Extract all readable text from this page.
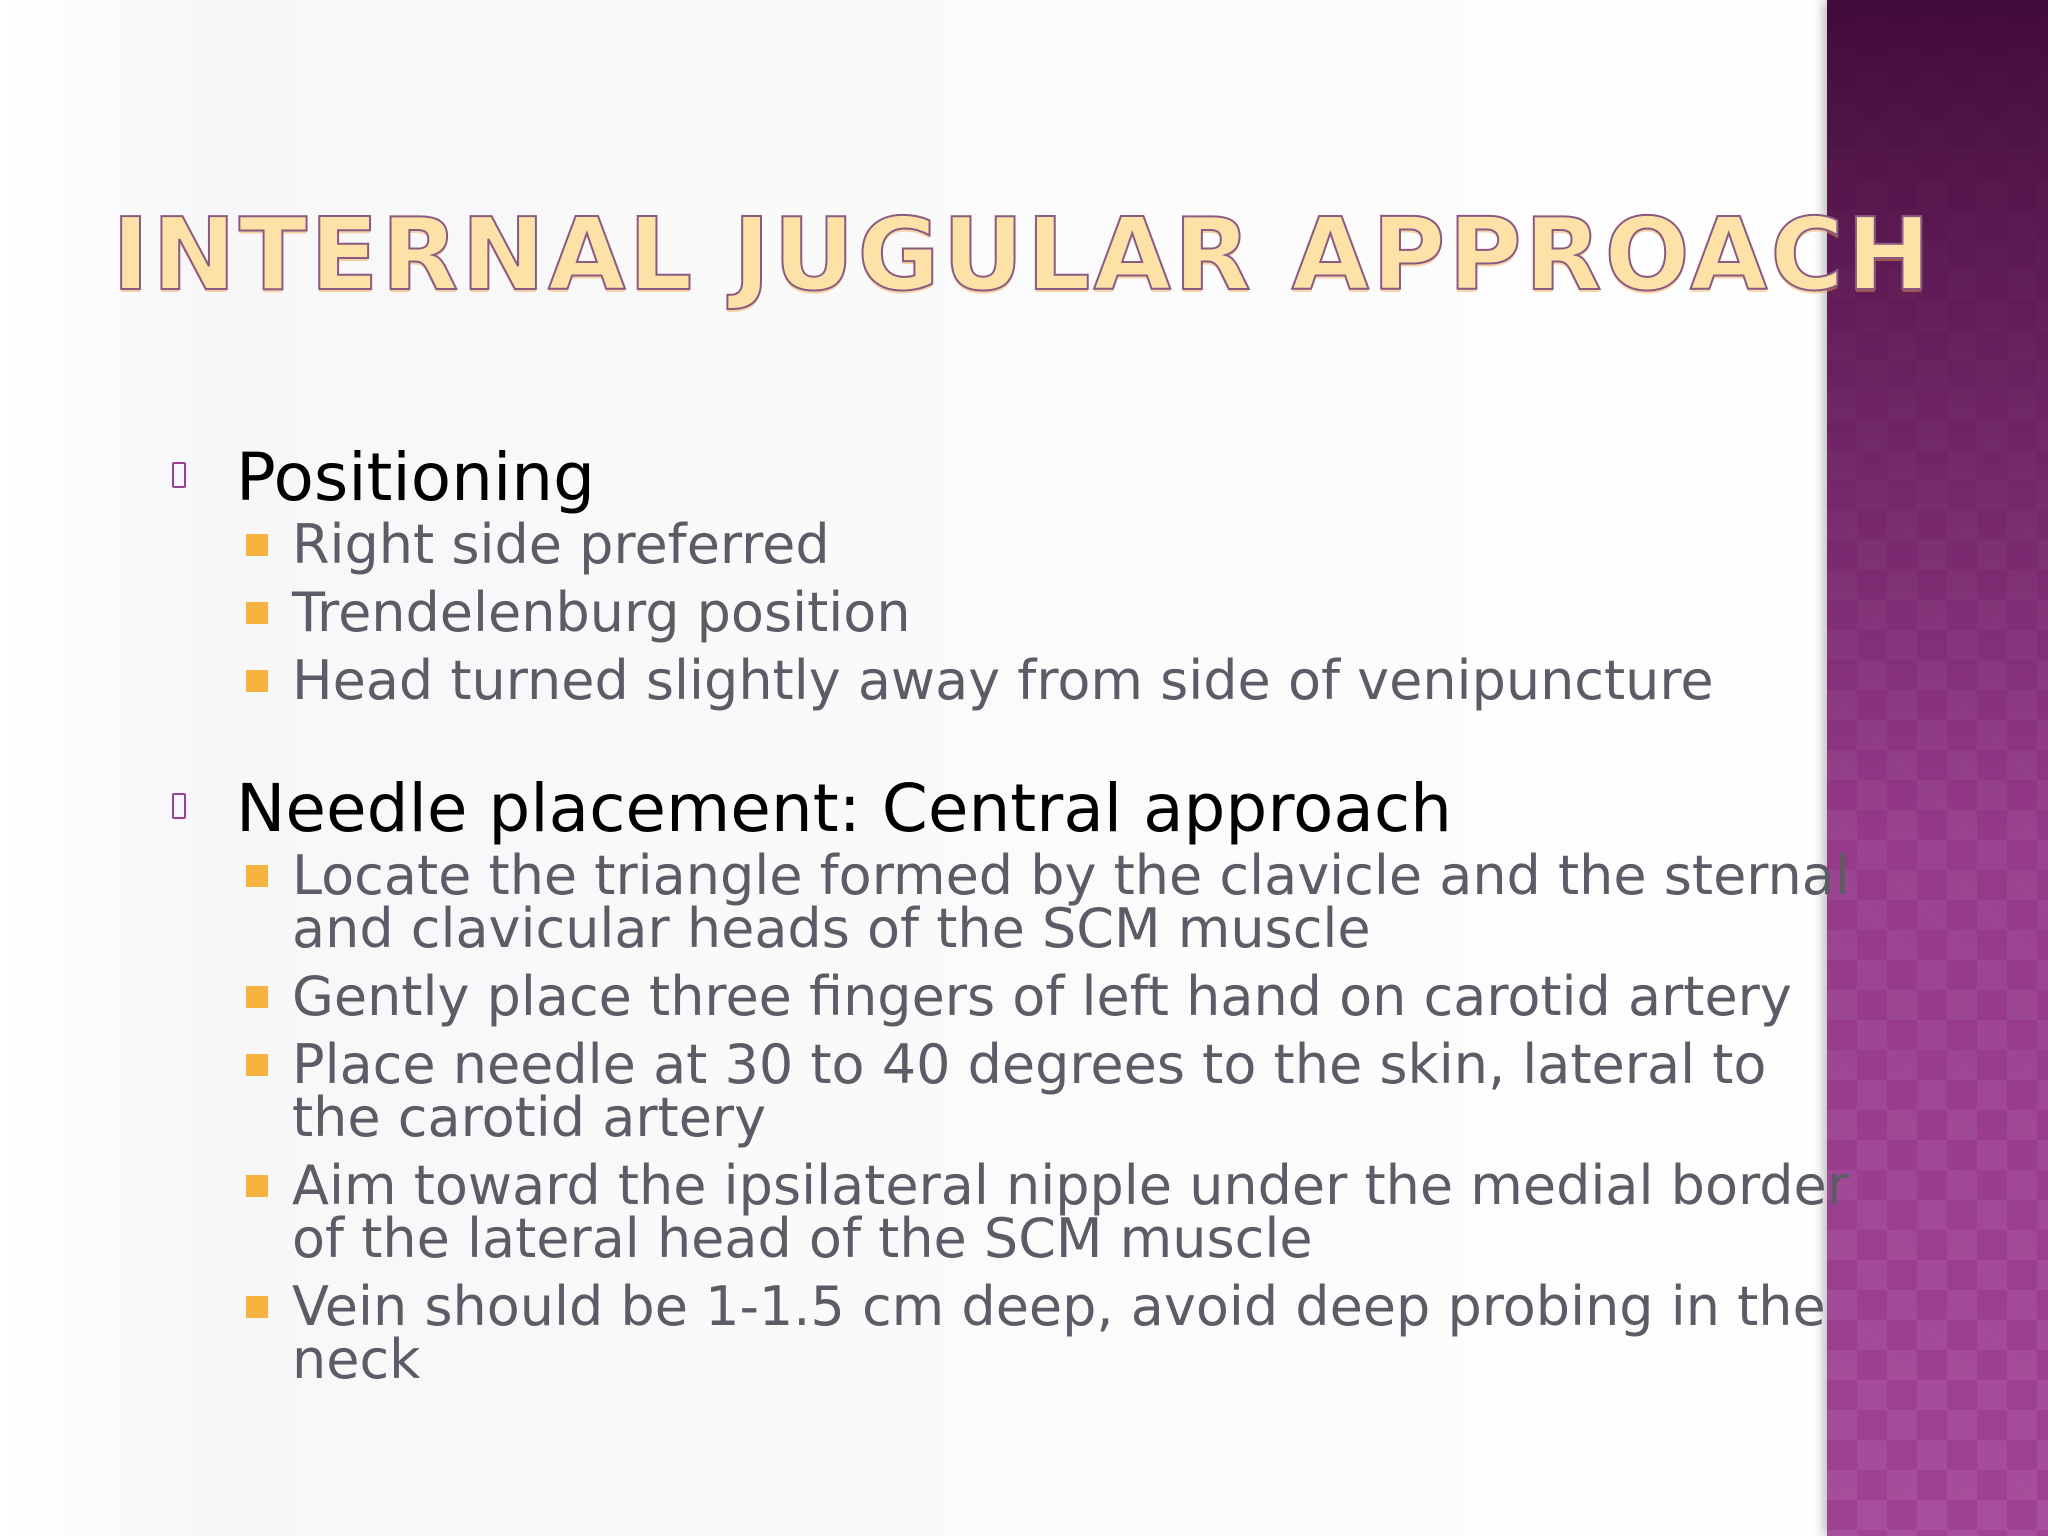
INTERNAL JUGULAR APPROACH
Positioning
Right side preferred
Trendelenburg position
Head turned slightly away from side of venipuncture
Needle placement: Central approach
Locate the triangle formed by the clavicle and the sternal and clavicular heads of the SCM muscle
Gently place three fingers of left hand on carotid artery
Place needle at 30 to 40 degrees to the skin, lateral to the carotid artery
Aim toward the ipsilateral nipple under the medial border of the lateral head of the SCM muscle
Vein should be 1-1.5 cm deep, avoid deep probing in the neck
